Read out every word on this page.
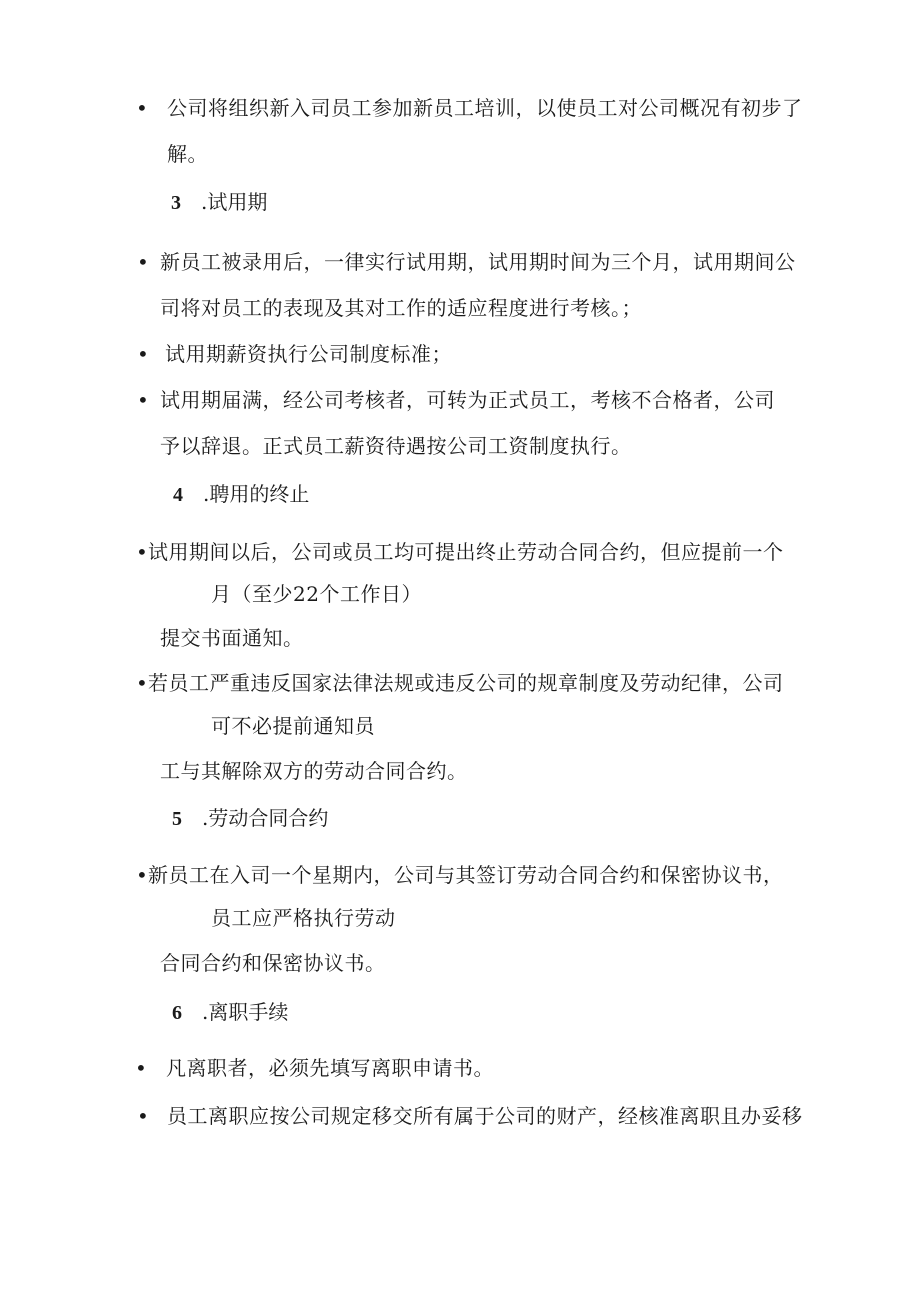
• 公司将组织新入司员工参加新员工培训，以使员工对公司概况有初步了
解。
3 .试用期
• 新员工被录用后，一律实行试用期，试用期时间为三个月，试用期间公
司将对员工的表现及其对工作的适应程度进行考核。；
• 试用期薪资执行公司制度标准；
• 试用期届满，经公司考核者，可转为正式员工，考核不合格者，公司
予以辞退。正式员工薪资待遇按公司工资制度执行。
4 .聘用的终止
• 试用期间以后，公司或员工均可提出终止劳动合同合约，但应提前一个
月（至少22个工作日）
提交书面通知。
• 若员工严重违反国家法律法规或违反公司的规章制度及劳动纪律，公司
可不必提前通知员
工与其解除双方的劳动合同合约。
5 .劳动合同合约
• 新员工在入司一个星期内，公司与其签订劳动合同合约和保密协议书，
员工应严格执行劳动
合同合约和保密协议书。
6 .离职手续
• 凡离职者，必须先填写离职申请书。
• 员工离职应按公司规定移交所有属于公司的财产，经核准离职且办妥移
